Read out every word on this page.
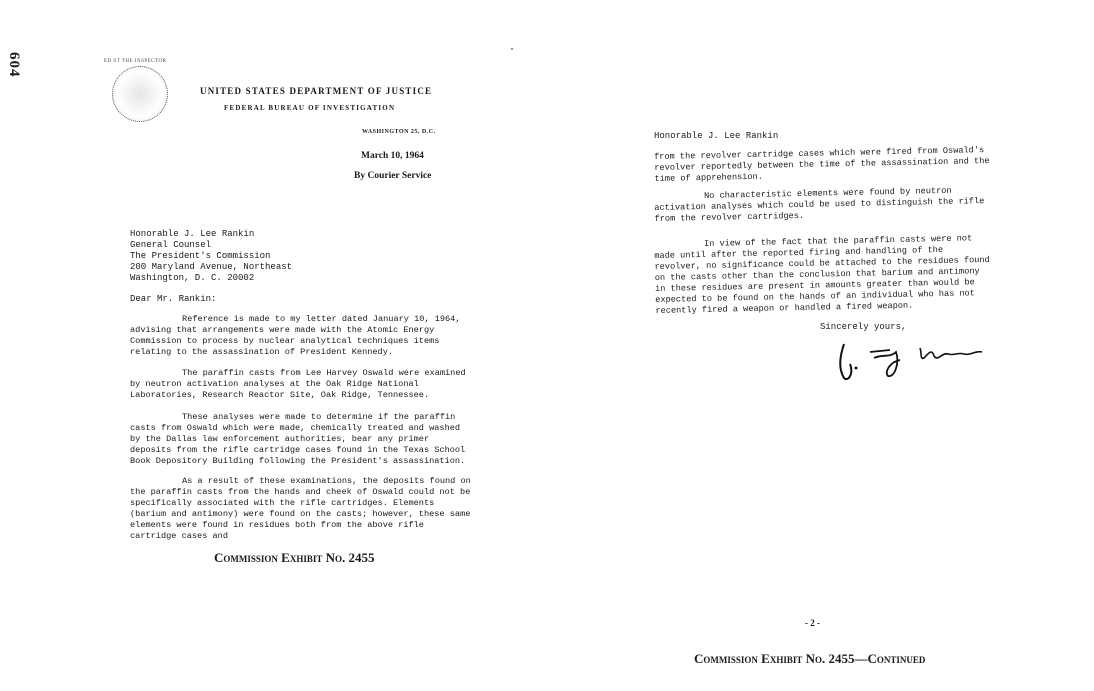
604	ED ST THE INSPECTOR
UNITED STATES DEPARTMENT OF JUSTICE
FEDERAL BUREAU OF INVESTIGATION
WASHINGTON 25, D.C.
March 10, 1964
By Courier Service
Honorable J. Lee Rankin
General Counsel
The President's Commission
200 Maryland Avenue, Northeast
Washington, D. C. 20002
Dear Mr. Rankin:
Reference is made to my letter dated January 10, 1964, advising that arrangements were made with the Atomic Energy Commission to process by nuclear analytical techniques items relating to the assassination of President Kennedy.
The paraffin casts from Lee Harvey Oswald were examined by neutron activation analyses at the Oak Ridge National Laboratories, Research Reactor Site, Oak Ridge, Tennessee.
These analyses were made to determine if the paraffin casts from Oswald which were made, chemically treated and washed by the Dallas law enforcement authorities, bear any primer deposits from the rifle cartridge cases found in the Texas School Book Depository Building following the President's assassination.
As a result of these examinations, the deposits found on the paraffin casts from the hands and cheek of Oswald could not be specifically associated with the rifle cartridges. Elements (barium and antimony) were found on the casts; however, these same elements were found in residues both from the above rifle cartridge cases and
Commission Exhibit No. 2455
Honorable J. Lee Rankin
from the revolver cartridge cases which were fired from Oswald's revolver reportedly between the time of the assassination and the time of apprehension.
No characteristic elements were found by neutron activation analyses which could be used to distinguish the rifle from the revolver cartridges.
In view of the fact that the paraffin casts were not made until after the reported firing and handling of the revolver, no significance could be attached to the residues found on the casts other than the conclusion that barium and antimony in these residues are present in amounts greater than would be expected to be found on the hands of an individual who has not recently fired a weapon or handled a fired weapon.
Sincerely yours,
- 2 -
Commission Exhibit No. 2455—Continued
